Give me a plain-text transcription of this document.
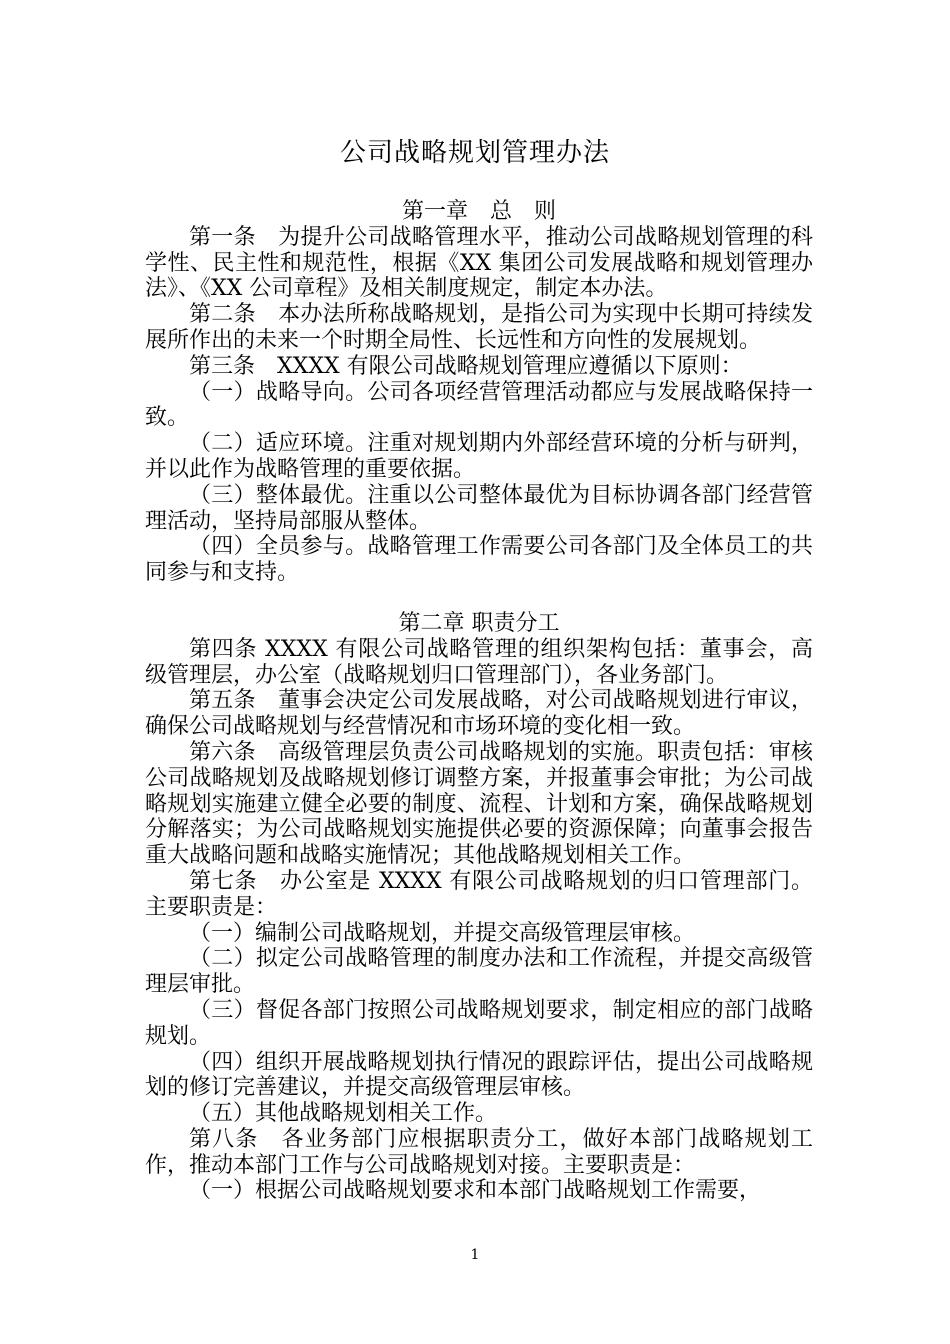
公司战略规划管理办法
第一章　总　则

第一条　为提升公司战略管理水平，推动公司战略规划管理的科学性、民主性和规范性，根据《XX 集团公司发展战略和规划管理办法》、《XX 公司章程》及相关制度规定，制定本办法。

第二条　本办法所称战略规划，是指公司为实现中长期可持续发展所作出的未来一个时期全局性、长远性和方向性的发展规划。

第三条　XXXX 有限公司战略规划管理应遵循以下原则：

（一）战略导向。公司各项经营管理活动都应与发展战略保持一致。

（二）适应环境。注重对规划期内外部经营环境的分析与研判，并以此作为战略管理的重要依据。

（三）整体最优。注重以公司整体最优为目标协调各部门经营管理活动，坚持局部服从整体。

（四）全员参与。战略管理工作需要公司各部门及全体员工的共同参与和支持。

第二章 职责分工

第四条 XXXX 有限公司战略管理的组织架构包括：董事会，高级管理层，办公室（战略规划归口管理部门），各业务部门。

第五条　董事会决定公司发展战略，对公司战略规划进行审议，确保公司战略规划与经营情况和市场环境的变化相一致。

第六条　高级管理层负责公司战略规划的实施。职责包括：审核公司战略规划及战略规划修订调整方案，并报董事会审批；为公司战略规划实施建立健全必要的制度、流程、计划和方案，确保战略规划分解落实；为公司战略规划实施提供必要的资源保障；向董事会报告重大战略问题和战略实施情况；其他战略规划相关工作。

第七条　办公室是 XXXX 有限公司战略规划的归口管理部门。主要职责是：

（一）编制公司战略规划，并提交高级管理层审核。

（二）拟定公司战略管理的制度办法和工作流程，并提交高级管理层审批。

（三）督促各部门按照公司战略规划要求，制定相应的部门战略规划。

（四）组织开展战略规划执行情况的跟踪评估，提出公司战略规划的修订完善建议，并提交高级管理层审核。

（五）其他战略规划相关工作。

第八条　各业务部门应根据职责分工，做好本部门战略规划工作，推动本部门工作与公司战略规划对接。主要职责是：

（一）根据公司战略规划要求和本部门战略规划工作需要，

1
